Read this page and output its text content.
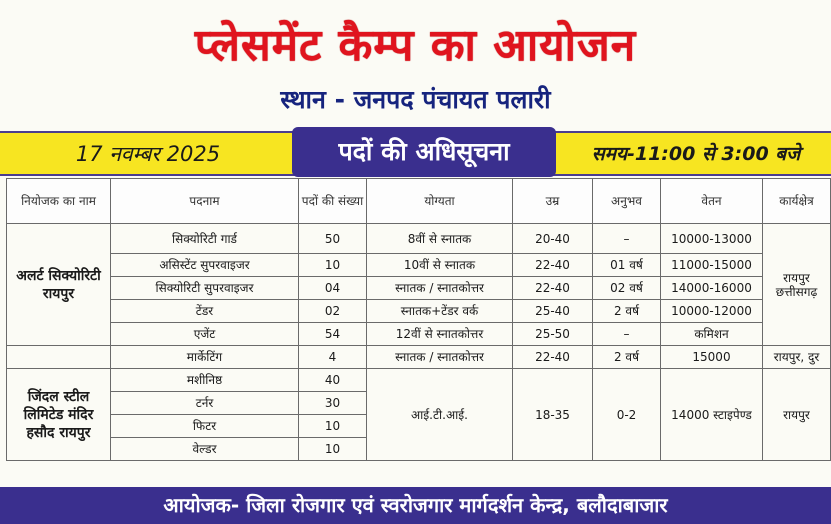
प्लेसमेंट कैम्प का आयोजन
स्थान - जनपद पंचायत पलारी
17 नवम्बर 2025	पदों की अधिसूचना	समय-11:00 से 3:00 बजे
नियोजक का नाम	पदनाम	पदों की संख्या	योग्यता	उम्र	अनुभव	वेतन	कार्यक्षेत्र
अलर्ट सिक्योरिटी रायपुर	सिक्योरिटी गार्ड	50	8वीं से स्नातक	20-40	–	10000-13000	रायपुर छत्तीसगढ़
	असिस्टेंट सुपरवाइजर	10	10वीं से स्नातक	22-40	01 वर्ष	11000-15000	
	सिक्योरिटी सुपरवाइजर	04	स्नातक / स्नातकोत्तर	22-40	02 वर्ष	14000-16000	
	टेंडर	02	स्नातक+टेंडर वर्क	25-40	2 वर्ष	10000-12000	
	एजेंट	54	12वीं से स्नातकोत्तर	25-50	–	कमिशन	
	मार्केटिंग	4	स्नातक / स्नातकोत्तर	22-40	2 वर्ष	15000	रायपुर, दुर
जिंदल स्टील लिमिटेड मंदिर हसौद रायपुर	मशीनिष्ठ	40	आई.टी.आई.	18-35	0-2	14000 स्टाइपेण्ड	रायपुर
	टर्नर	30					
	फिटर	10					
	वेल्डर	10					
आयोजक- जिला रोजगार एवं स्वरोजगार मार्गदर्शन केन्द्र, बलौदाबाजार
